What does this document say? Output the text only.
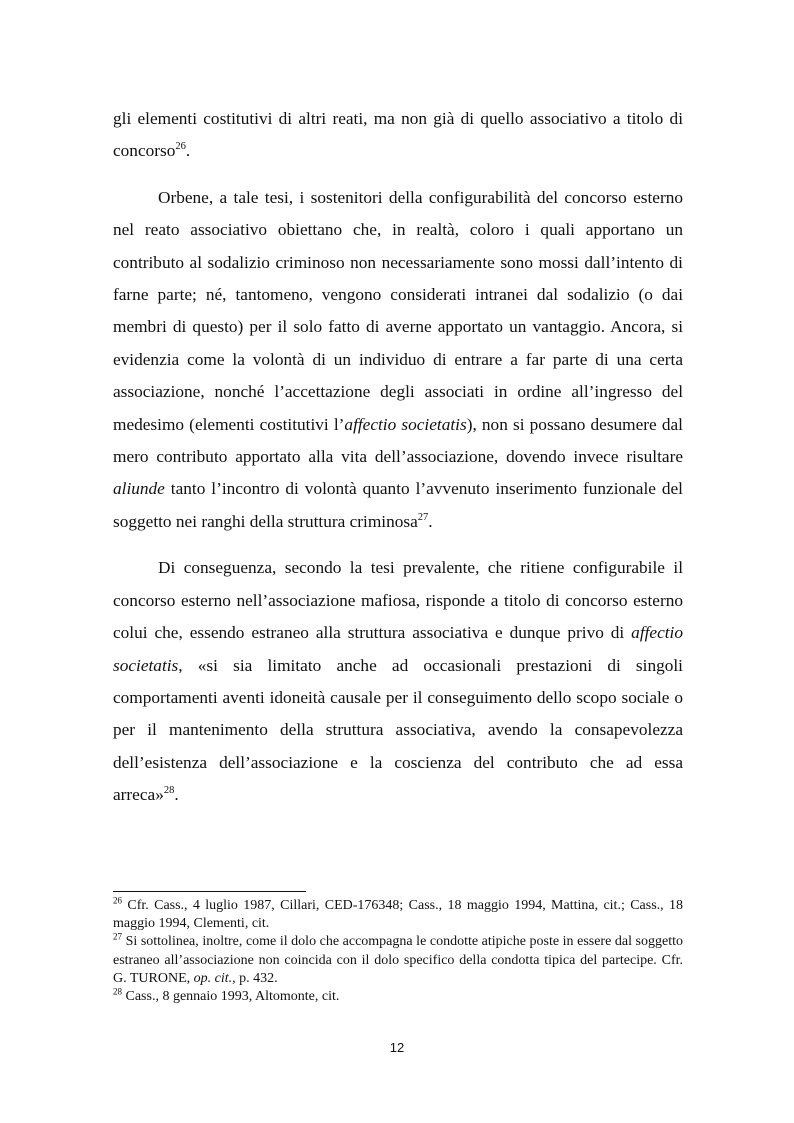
gli elementi costitutivi di altri reati, ma non già di quello associativo a titolo di concorso$^{26}$.

Orbene, a tale tesi, i sostenitori della configurabilità del concorso esterno nel reato associativo obiettano che, in realtà, coloro i quali apportano un contributo al sodalizio criminoso non necessariamente sono mossi dall’intento di farne parte; né, tantomeno, vengono considerati intranei dal sodalizio (o dai membri di questo) per il solo fatto di averne apportato un vantaggio. Ancora, si evidenzia come la volontà di un individuo di entrare a far parte di una certa associazione, nonché l’accettazione degli associati in ordine all’ingresso del medesimo (elementi costitutivi l’affectio societatis), non si possano desumere dal mero contributo apportato alla vita dell’associazione, dovendo invece risultare aliunde tanto l’incontro di volontà quanto l’avvenuto inserimento funzionale del soggetto nei ranghi della struttura criminosa$^{27}$.

Di conseguenza, secondo la tesi prevalente, che ritiene configurabile il concorso esterno nell’associazione mafiosa, risponde a titolo di concorso esterno colui che, essendo estraneo alla struttura associativa e dunque privo di affectio societatis, «si sia limitato anche ad occasionali prestazioni di singoli comportamenti aventi idoneità causale per il conseguimento dello scopo sociale o per il mantenimento della struttura associativa, avendo la consapevolezza dell’esistenza dell’associazione e la coscienza del contributo che ad essa arreca»$^{28}$.

$^{26}$ Cfr. Cass., 4 luglio 1987, Cillari, CED-176348; Cass., 18 maggio 1994, Mattina, cit.; Cass., 18 maggio 1994, Clementi, cit.

$^{27}$ Si sottolinea, inoltre, come il dolo che accompagna le condotte atipiche poste in essere dal soggetto estraneo all’associazione non coincida con il dolo specifico della condotta tipica del partecipe. Cfr. G. TURONE, op. cit., p. 432.

$^{28}$ Cass., 8 gennaio 1993, Altomonte, cit.

12
